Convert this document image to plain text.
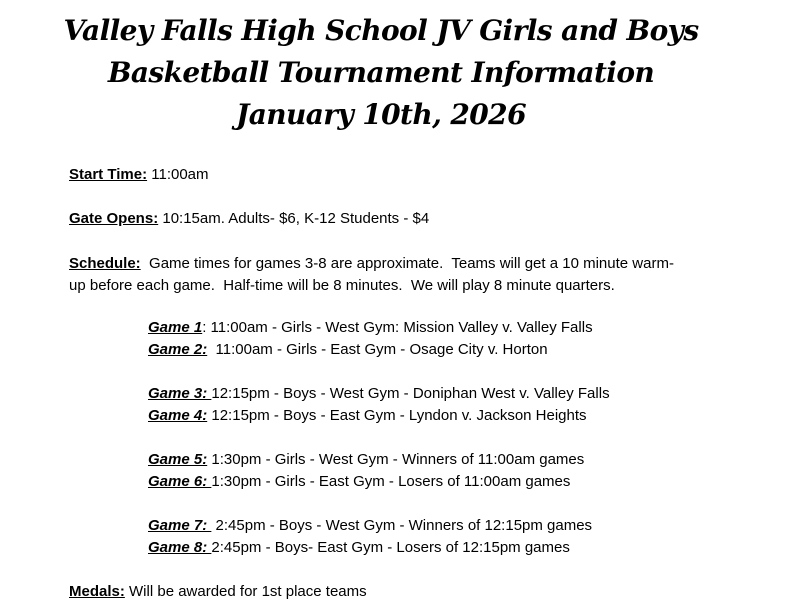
Valley Falls High School JV Girls and Boys
Basketball Tournament Information
January 10th, 2026
Start Time: 11:00am
Gate Opens: 10:15am. Adults- $6, K-12 Students - $4
Schedule:  Game times for games 3-8 are approximate.  Teams will get a 10 minute warm-up before each game.  Half-time will be 8 minutes.  We will play 8 minute quarters.
Game 1: 11:00am - Girls - West Gym: Mission Valley v. Valley Falls
Game 2:  11:00am - Girls - East Gym - Osage City v. Horton
Game 3: 12:15pm - Boys - West Gym - Doniphan West v. Valley Falls
Game 4: 12:15pm - Boys - East Gym - Lyndon v. Jackson Heights
Game 5: 1:30pm - Girls - West Gym - Winners of 11:00am games
Game 6: 1:30pm - Girls - East Gym - Losers of 11:00am games
Game 7:  2:45pm - Boys - West Gym - Winners of 12:15pm games
Game 8: 2:45pm - Boys- East Gym - Losers of 12:15pm games
Medals: Will be awarded for 1st place teams
